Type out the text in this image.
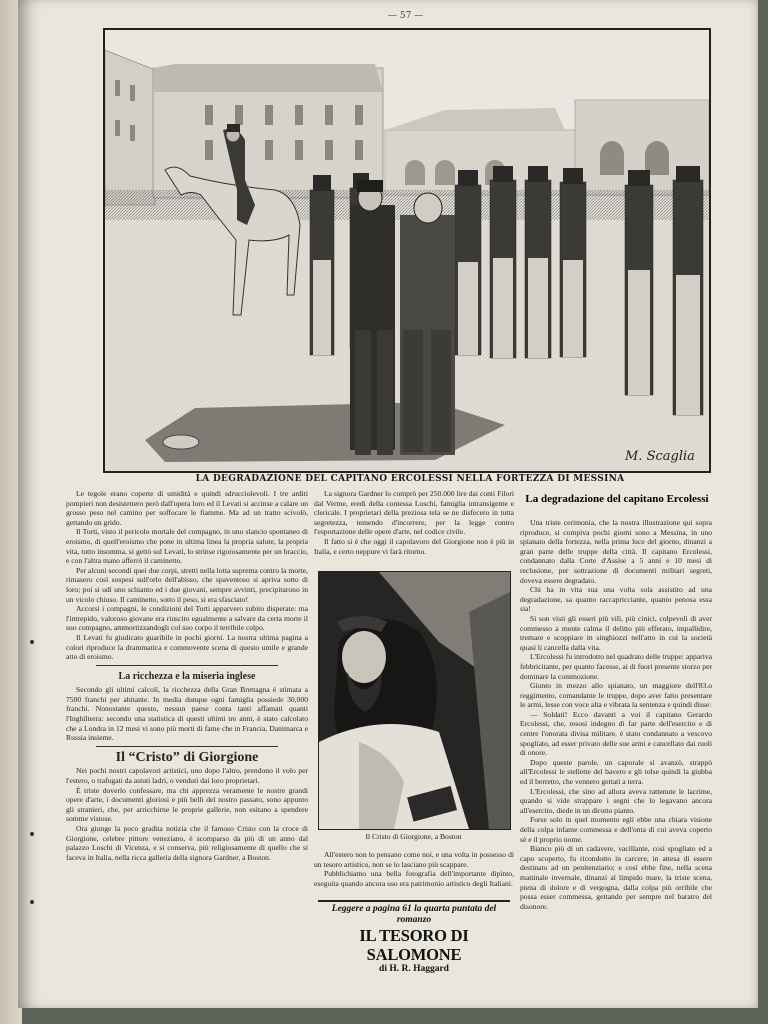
— 57 —
M. Scaglia
LA DEGRADAZIONE DEL CAPITANO ERCOLESSI NELLA FORTEZZA DI MESSINA

Le tegole erano coperte di umidità e quindi sdrucciolevoli. I tre arditi pompieri non desistettero però dall'opera loro ed il Levati si accinse a calare un grosso peso nel camino per soffocare le fiamme. Ma ad un tratto scivolò, gettando un grido.

Il Torti, visto il pericolo mortale del compagno, in uno slancio spontaneo di eroismo, di quell'eroismo che pone in ultima linea la propria salute, la propria vita, tutto insomma, si gettò sul Levati, lo strinse rigorosamente per un braccio, e con l'altra mano afferrò il caminetto.

Per alcuni secondi quei due corpi, stretti nella lotta suprema contro la morte, rimasero così sospesi sull'orlo dell'abisso, che spaventoso si apriva sotto di loro; poi si udì uno schianto ed i due giovani, sempre avvinti, precipitarono in un vicolo chiuso. Il caminetto, sotto il peso, si era sfasciato!

Accorsi i compagni, le condizioni del Torti apparvero subito disperate: ma l'intrepido, valoroso giovane era riuscito egualmente a salvare da certa morte il suo compagno, ammortizzandogli col suo corpo il terribile colpo.

Il Levati fu giudicato guaribile in pochi giorni. La nostra ultima pagina a colori riproduce la drammatica e commovente scena di questo umile e grande atto di eroismo.

La ricchezza e la miseria inglese

Secondo gli ultimi calcoli, la ricchezza della Gran Brettagna è stimata a 7500 franchi per abitante. In media dunque ogni famiglia possiede 30,000 franchi. Nonostante questo, nessun paese conta tanti affamati quanti l'Inghilterra: secondo una statistica di questi ultimi tre anni, è stato calcolato che a Londra in 12 mesi vi sono più morti di fame che in Francia, Danimarca e Russia insieme.

Il “Cristo” di Giorgione

Nei pochi nostri capolavori artistici, uno dopo l'altro, prendono il volo per l'estero, o trafugati da astuti ladri, o venduti dai loro proprietari.

È triste doverlo confessare, ma chi apprezza veramente le nostre grandi opere d'arte, i documenti gloriosi e più belli del nostro passato, sono appunto gli stranieri, che, per arricchirne le proprie gallerie, non esitano a spendere somme vistose.

Ora giunge la poco gradita notizia che il famoso Cristo con la croce di Giorgione, celebre pittore veneziano, è scomparso da più di un anno dal palazzo Loschi di Vicenza, e si conserva, più religiosamente di quello che si faceva in Italia, nella ricca galleria della signora Gardner, a Boston.

La signora Gardner lo comprò per 250.000 lire dai conti Filori dal Verme, eredi della contessa Loschi, famiglia intransigente e clericale. I proprietari della preziosa tela se ne disfecero in tutta segretezza, temendo d'incorrere, per la legge contro l'esportazione delle opere d'arte, nel codice civile.

Il fatto si è che oggi il capolavoro del Giorgione non è più in Italia, e certo neppure vi farà ritorno.

Il Cristo di Giorgione, a Boston

All'estero non lo pensano come noi, e una volta in possesso di un tesoro artistico, non se lo lasciano più scappare.

Pubblichiamo una bella fotografia dell'importante dipinto, eseguita quando ancora uso era patrimonio artistico degli Italiani.

Leggere a pagina 61 la quarta puntata del romanzo
IL TESORO DI SALOMONE
di H. R. Haggard
La degradazione del capitano Ercolessi

Una triste cerimonia, che la nostra illustrazione qui sopra riproduce, si compiva pochi giorni sono a Messina, in uno spianato della fortezza, nella prima luce del giorno, dinanzi a gran parte delle truppe della città. Il capitano Ercolessi, condannato dalla Corte d'Assise a 5 anni e 10 mesi di reclusione, per sottrazione di documenti militari segreti, doveva essere degradato.

Chi ha in vita sua una volta sola assistito ad una degradazione, sa quanto raccapricciante, quanto penosa essa sia!

Si son visti gli esseri più vili, più cinici, colpevoli di aver commesso a mente calma il delitto più efferato, impallidire, tremare e scoppiare in singhiozzi nell'atto in cui la società quasi li cancella dalla vita.

L'Ercolessi fu introdotto nel quadrato delle truppe: appariva febbricitante, per quanto facesse, ai di fuori presente storzo per dominare la commozione.

Giunto in mezzo allo spianato, un maggiore dell'83.o reggimento, comandante le truppe, dopo aver fatto presentare le armi, lesse con voce alta e vibrata la sentenza e quindi disse:

— Soldati! Ecco davanti a voi il capitano Gerardo Ercolessi, che, resosi indegno di far parte dell'esercito e di centre l'onorata divisa militare, è stato condannato a vescovo spogliato, ad esser privato delle sue armi e cancellato dai ruoli di onore.

Dopo queste parole, un caporale si avanzò, strappò all'Ercolessi le stellette del bavero e gli tolse quindi la giubba ed il berretto, che vennero gettati a terra.

L'Ercolessi, che sino ad allora aveva rattenute le lacrime, quando si vide strappare i segni che lo legavano ancora all'esercito, diede in un dirotto pianto.

Forse solo in quel momento egli ebbe una chiara visione della colpa infame commessa e dell'onta di cui aveva coperto sè e il proprio nome.

Bianco più di un cadavere, vacillante, così spogliato ed a capo scoperto, fu ricondotto in carcere, in attesa di essere destinato ad un penitenziario; e così ebbe fine, nella scena mattinale invernale, dinanzi al limpido mare, la triste scena, piena di dolore e di vergogna, dalla colpa più orribile che possa esser commessa, gettando per sempre nel baratro del disonore.
